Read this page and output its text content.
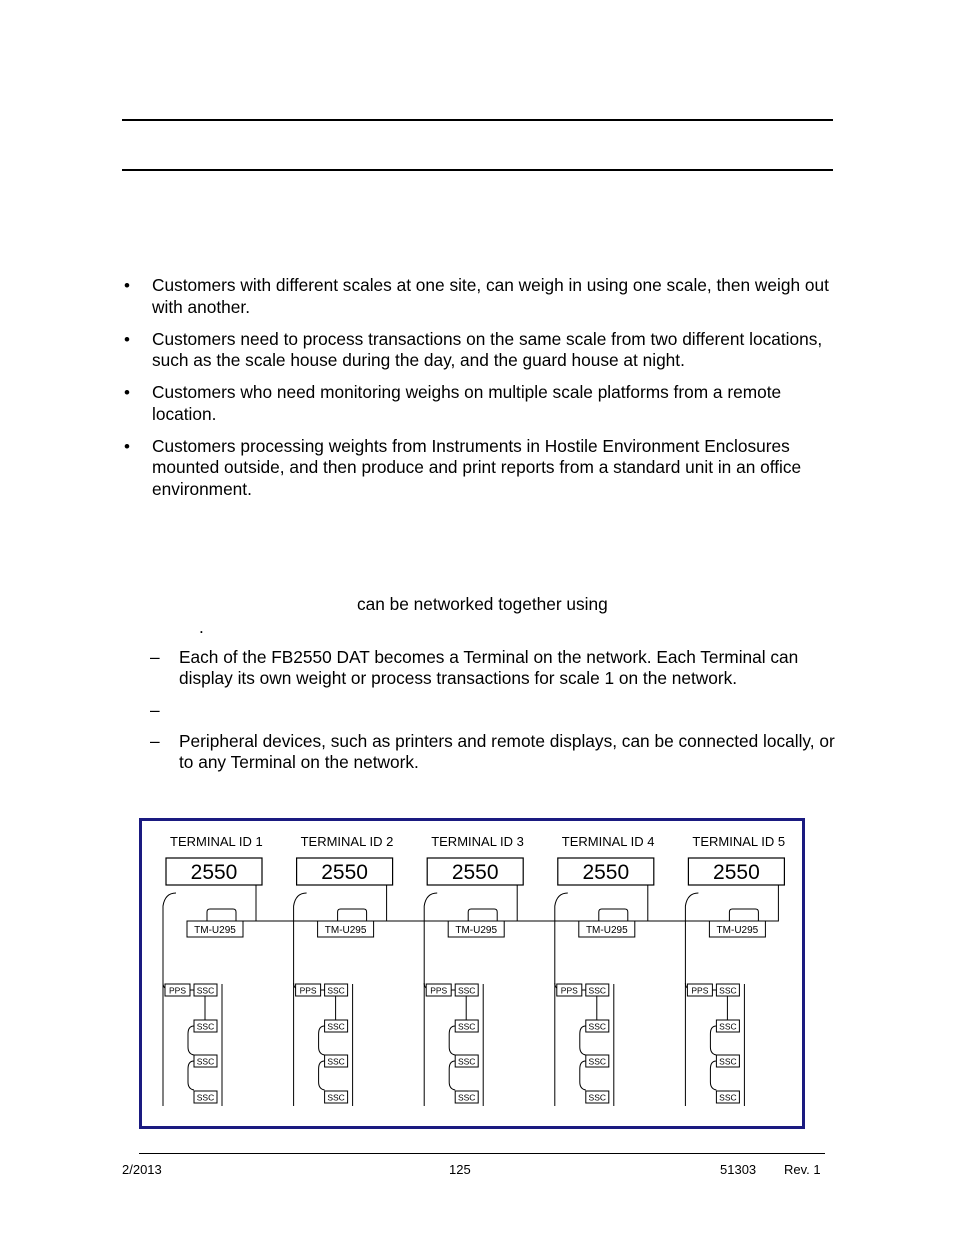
• Customers with different scales at one site, can weigh in using one scale, then weigh out with another.
• Customers need to process transactions on the same scale from two different locations, such as the scale house during the day, and the guard house at night.
• Customers who need monitoring weighs on multiple scale platforms from a remote location.
• Customers processing weights from Instruments in Hostile Environment Enclosures mounted outside, and then produce and print reports from a standard unit in an office environment.
can be networked together using
.
– Each of the FB2550 DAT becomes a Terminal on the network. Each Terminal can display its own weight or process transactions for scale 1 on the network.
–
– Peripheral devices, such as printers and remote displays, can be connected locally, or to any Terminal on the network.
TERMINAL ID 1
2550
TM-U295
PPS SSC
SSC
SSC
SSC
TERMINAL ID 2
2550
TM-U295
PPS SSC
SSC
SSC
SSC
TERMINAL ID 3
2550
TM-U295
PPS SSC
SSC
SSC
SSC
TERMINAL ID 4
2550
TM-U295
PPS SSC
SSC
SSC
SSC
TERMINAL ID 5
2550
TM-U295
PPS SSC
SSC
SSC
SSC
2/2013	125	51303 Rev. 1
